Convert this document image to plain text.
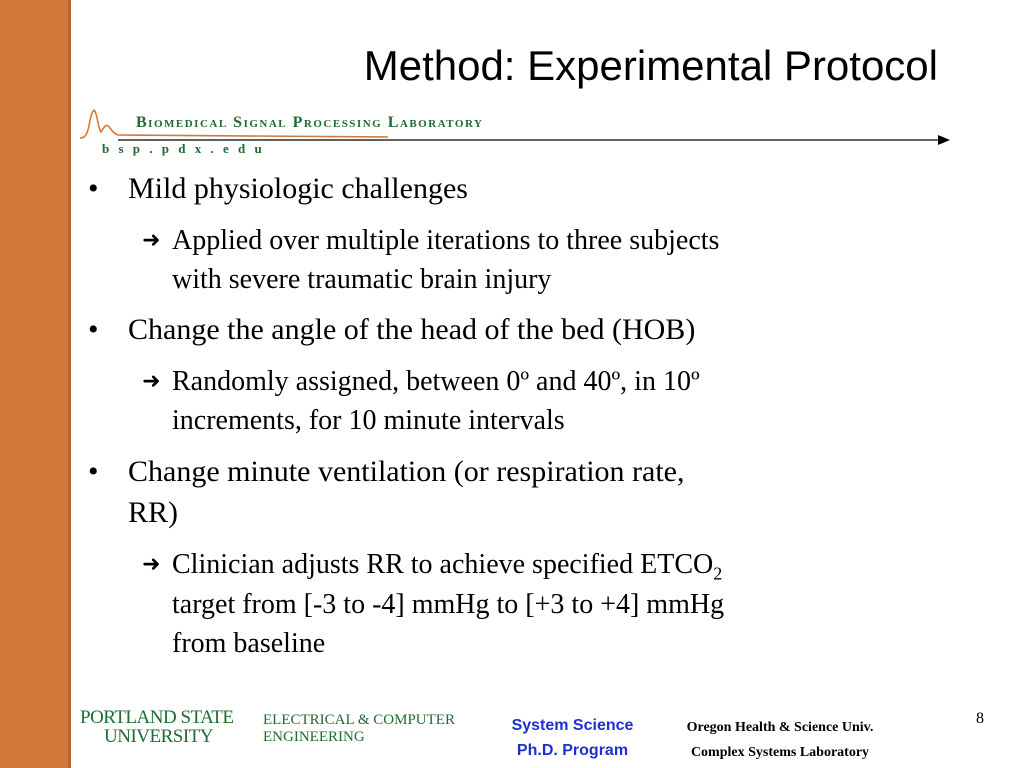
Method: Experimental Protocol
Biomedical Signal Processing Laboratory
b s p . p d x . e d u
• Mild physiologic challenges
➜ Applied over multiple iterations to three subjects
with severe traumatic brain injury
• Change the angle of the head of the bed (HOB)
➜ Randomly assigned, between 0º and 40º, in 10º
increments, for 10 minute intervals
• Change minute ventilation (or respiration rate,
RR)
➜ Clinician adjusts RR to achieve specified $ETCO_2$
target from [-3 to -4] mmHg to [+3 to +4] mmHg
from baseline
PORTLAND STATE
UNIVERSITY
ELECTRICAL & COMPUTER
ENGINEERING
System Science
Ph.D. Program
Oregon Health & Science Univ.
Complex Systems Laboratory
8
